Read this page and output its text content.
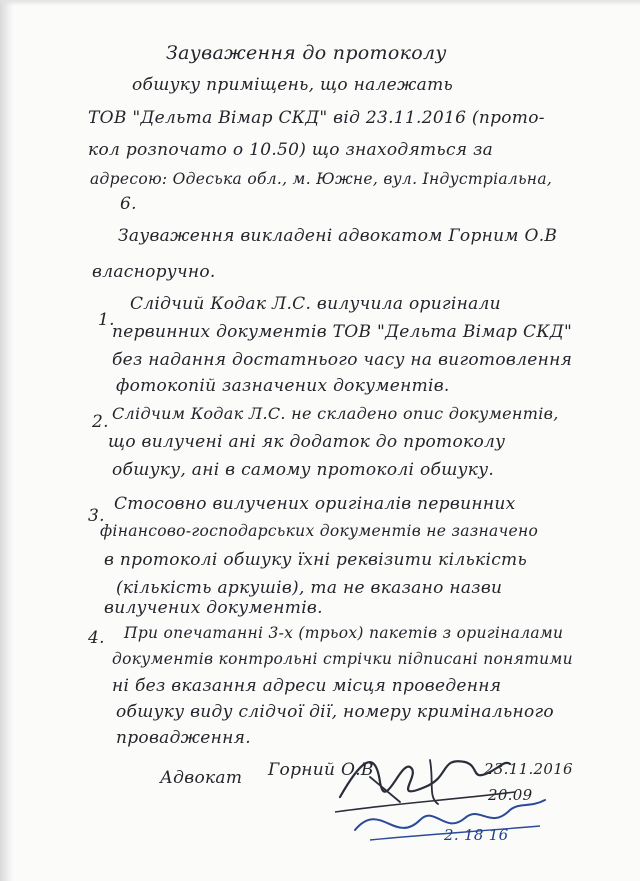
Зауваження до протоколу
обшуку приміщень, що належать
ТОВ "Дельта Вімар СКД" від 23.11.2016 (прото-
кол розпочато о 10.50) що знаходяться за
адресою: Одеська обл., м. Южне, вул. Індустріальна,
6.
Зауваження викладені адвокатом Горним О.В
власноручно.
1.
Слідчий Кодак Л.С. вилучила оригінали
первинних документів ТОВ "Дельта Вімар СКД"
без надання достатнього часу на виготовлення
фотокопій зазначених документів.
2. Слідчим Кодак Л.С. не складено опис документів,
що вилучені ані як додаток до протоколу
обшуку, ані в самому протоколі обшуку.
3.
Стосовно вилучених оригіналів первинних
фінансово-господарських документів не зазначено
в протоколі обшуку їхні реквізити кількість
(кількість аркушів), та не вказано назви
вилучених документів.
4. При опечатанні 3-х (трьох) пакетів з оригіналами
документів контрольні стрічки підписані понятими
ні без вказання адреси місця проведення
обшуку виду слідчої дії, номеру кримінального
провадження.
Адвокат Горний О.В	23.11.2016
20.09
2. 18 16
